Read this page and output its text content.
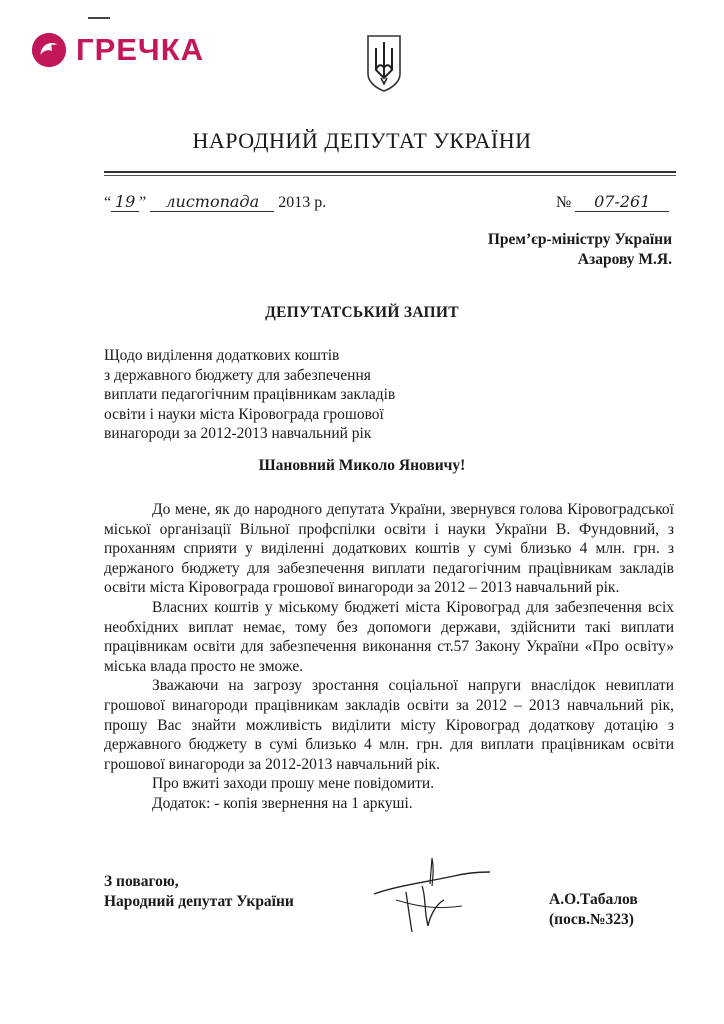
ГРЕЧКА
НАРОДНИЙ ДЕПУТАТ УКРАЇНИ
“ 19 ” листопада 2013 р.	№ 07-261
Прем’єр-міністру України
Азарову М.Я.
ДЕПУТАТСЬКИЙ ЗАПИТ
Щодо виділення додаткових коштів
з державного бюджету для забезпечення
виплати педагогічним працівникам закладів
освіти і науки міста Кіровограда грошової
винагороди за 2012-2013 навчальний рік
Шановний Миколо Яновичу!

До мене, як до народного депутата України, звернувся голова Кіровоградської міської організації Вільної профспілки освіти і науки України В. Фундовний, з проханням сприяти у виділенні додаткових коштів у сумі близько 4 млн. грн. з держаного бюджету для забезпечення виплати педагогічним працівникам закладів освіти міста Кіровограда грошової винагороди за 2012 – 2013 навчальний рік.

Власних коштів у міському бюджеті міста Кіровоград для забезпечення всіх необхідних виплат немає, тому без допомоги держави, здійснити такі виплати працівникам освіти для забезпечення виконання ст.57 Закону України «Про освіту» міська влада просто не зможе.

Зважаючи на загрозу зростання соціальної напруги внаслідок невиплати грошової винагороди працівникам закладів освіти за 2012 – 2013 навчальний рік, прошу Вас знайти можливість виділити місту Кіровоград додаткову дотацію з державного бюджету в сумі близько 4 млн. грн. для виплати працівникам освіти грошової винагороди за 2012-2013 навчальний рік.

Про вжиті заходи прошу мене повідомити.

Додаток: - копія звернення на 1 аркуші.

З повагою,
Народний депутат України	А.О.Табалов
(посв.№323)
